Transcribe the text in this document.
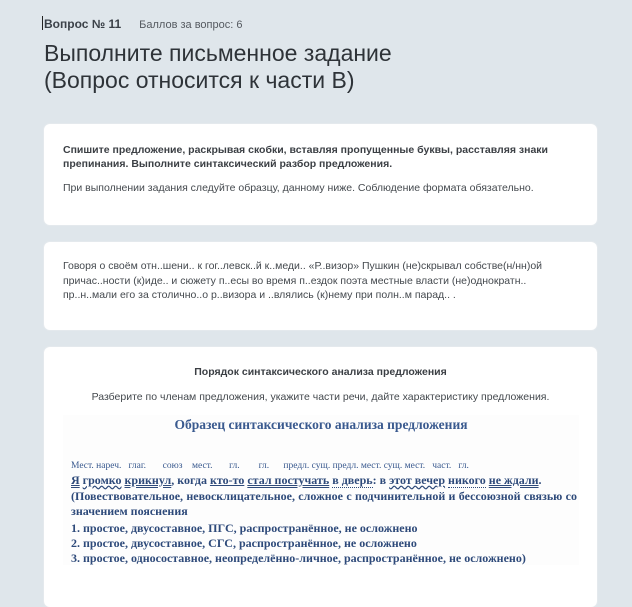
Вопрос № 11 Баллов за вопрос: 6
Выполните письменное задание
(Вопрос относится к части В)
Спишите предложение, раскрывая скобки, вставляя пропущенные буквы, расставляя знаки препинания. Выполните синтаксический разбор предложения.
При выполнении задания следуйте образцу, данному ниже. Соблюдение формата обязательно.
Говоря о своём отн..шени.. к гог..левск..й к..меди.. «Р..визор» Пушкин (не)скрывал собстве(н/нн)ой причас..ности (к)иде.. и сюжету п..есы во время п..ездок поэта местные власти (не)однократн.. пр..н..мали его за столично..о р..визора и ..влялись (к)нему при полн..м парад.. .
Порядок синтаксического анализа предложения
Разберите по членам предложения, укажите части речи, дайте характеристику предложения.
Образец синтаксического анализа предложения
Мест. нареч.   глаг.       союз    мест.       гл.        гл.      предл. сущ. предл. мест. сущ. мест.   част.   гл.
Я громко крикнул, когда кто-то стал постучать в дверь: в этот вечер никого не ждали.
(Повествовательное, невосклицательное, сложное с подчинительной и бессоюзной связью со значением пояснения
1. простое, двусоставное, ПГС, распространённое, не осложнено
2. простое, двусоставное, СГС, распространённое, не осложнено
3. простое, односоставное, неопределённо-личное, распространённое, не осложнено)
